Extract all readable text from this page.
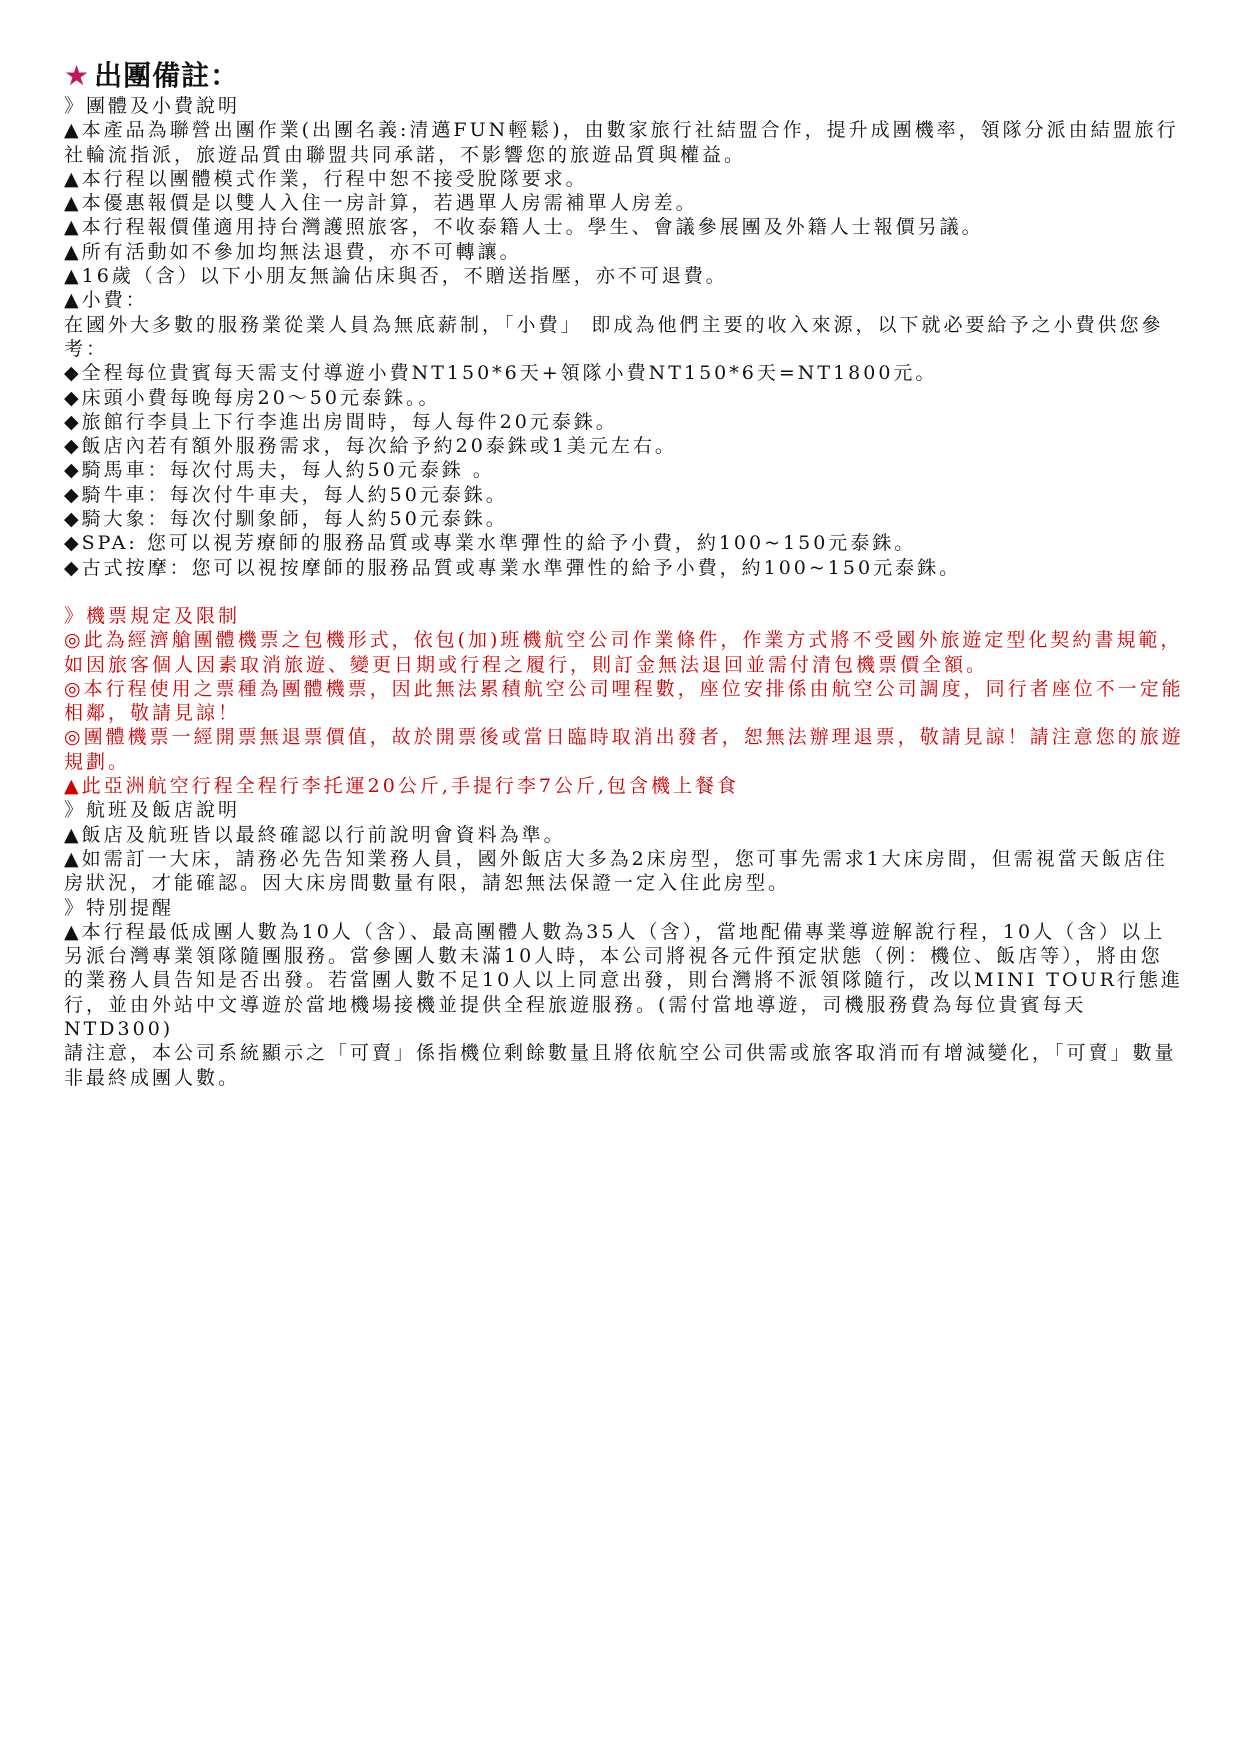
★ 出團備註：
》團體及小費說明
▲本產品為聯營出團作業(出團名義:清邁FUN輕鬆)，由數家旅行社結盟合作，提升成團機率，領隊分派由結盟旅行社輪流指派，旅遊品質由聯盟共同承諾，不影響您的旅遊品質與權益。
▲本行程以團體模式作業，行程中恕不接受脫隊要求。
▲本優惠報價是以雙人入住一房計算，若遇單人房需補單人房差。
▲本行程報價僅適用持台灣護照旅客，不收泰籍人士。學生、會議參展團及外籍人士報價另議。
▲所有活動如不參加均無法退費，亦不可轉讓。
▲16歲（含）以下小朋友無論佔床與否，不贈送指壓，亦不可退費。
▲小費：
在國外大多數的服務業從業人員為無底薪制，「小費」 即成為他們主要的收入來源，以下就必要給予之小費供您參考：
◆全程每位貴賓每天需支付導遊小費NT150*6天+領隊小費NT150*6天=NT1800元。
◆床頭小費每晚每房20～50元泰銖。。
◆旅館行李員上下行李進出房間時，每人每件20元泰銖。
◆飯店內若有額外服務需求，每次給予約20泰銖或1美元左右。
◆騎馬車：每次付馬夫，每人約50元泰銖 。
◆騎牛車：每次付牛車夫，每人約50元泰銖。
◆騎大象：每次付馴象師，每人約50元泰銖。
◆SPA: 您可以視芳療師的服務品質或專業水準彈性的給予小費，約100~150元泰銖。
◆古式按摩：您可以視按摩師的服務品質或專業水準彈性的給予小費，約100~150元泰銖。
》機票規定及限制
◎此為經濟艙團體機票之包機形式，依包(加)班機航空公司作業條件，作業方式將不受國外旅遊定型化契約書規範，如因旅客個人因素取消旅遊、變更日期或行程之履行，則訂金無法退回並需付清包機票價全額。
◎本行程使用之票種為團體機票，因此無法累積航空公司哩程數，座位安排係由航空公司調度，同行者座位不一定能相鄰，敬請見諒！
◎團體機票一經開票無退票價值，故於開票後或當日臨時取消出發者，恕無法辦理退票，敬請見諒！請注意您的旅遊規劃。
▲此亞洲航空行程全程行李托運20公斤,手提行李7公斤,包含機上餐食
》航班及飯店說明
▲飯店及航班皆以最終確認以行前說明會資料為準。
▲如需訂一大床，請務必先告知業務人員，國外飯店大多為2床房型，您可事先需求1大床房間，但需視當天飯店住房狀況，才能確認。因大床房間數量有限，請恕無法保證一定入住此房型。
》特別提醒
▲本行程最低成團人數為10人（含）、最高團體人數為35人（含），當地配備專業導遊解說行程，10人（含）以上另派台灣專業領隊隨團服務。當參團人數未滿10人時，本公司將視各元件預定狀態（例：機位、飯店等），將由您的業務人員告知是否出發。若當團人數不足10人以上同意出發，則台灣將不派領隊隨行，改以MINI TOUR行態進行，並由外站中文導遊於當地機場接機並提供全程旅遊服務。(需付當地導遊，司機服務費為每位貴賓每天NTD300)
請注意，本公司系統顯示之「可賣」係指機位剩餘數量且將依航空公司供需或旅客取消而有增減變化，「可賣」數量非最終成團人數。
